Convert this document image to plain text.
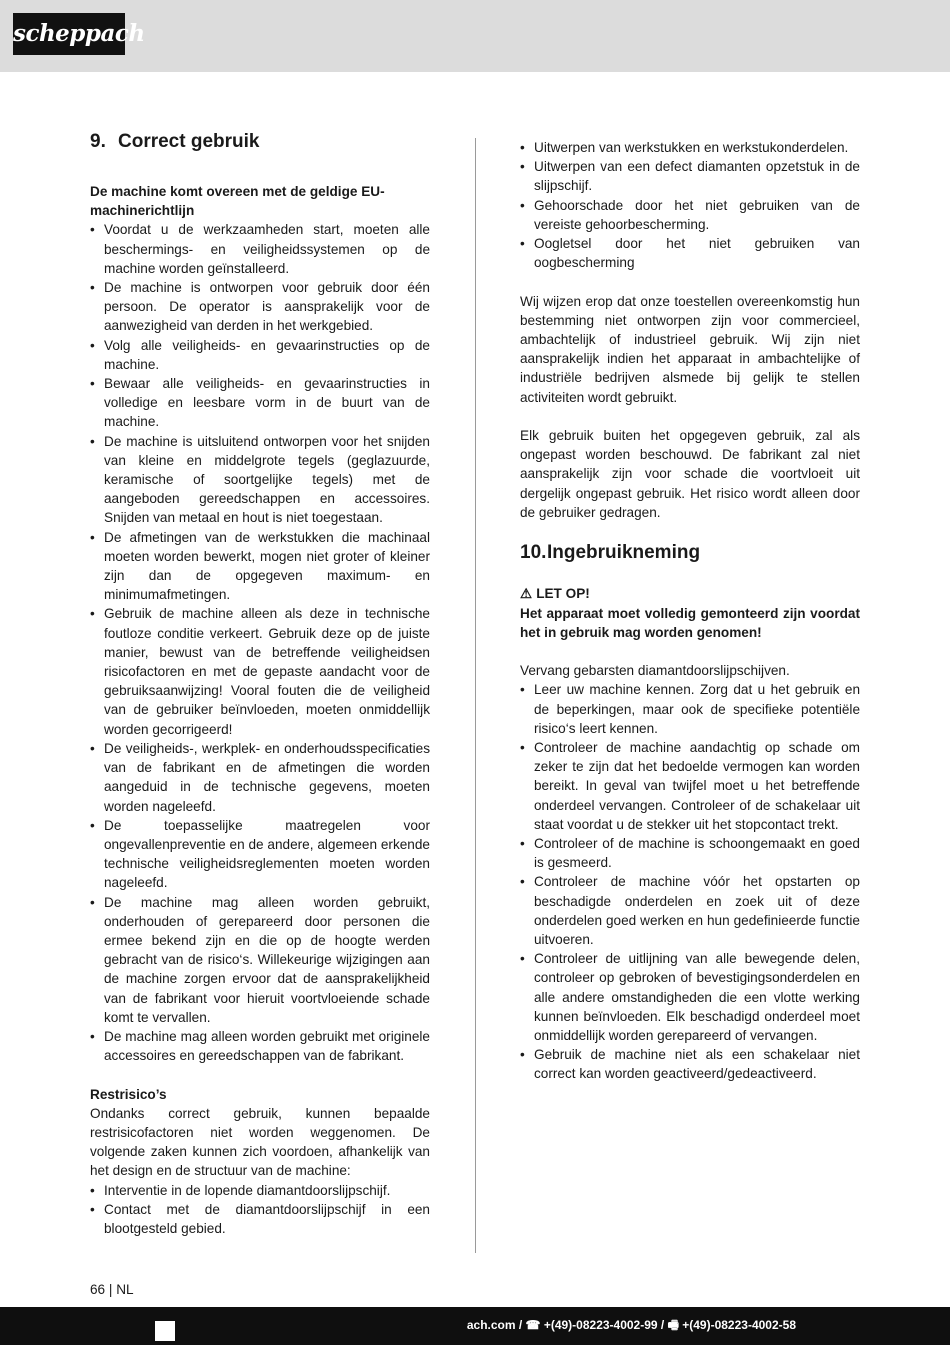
scheppach
9. Correct gebruik

De machine komt overeen met de geldige EU-machinerichtlijn

• Voordat u de werkzaamheden start, moeten alle beschermings- en veiligheidssystemen op de machine worden geïnstalleerd.
• De machine is ontworpen voor gebruik door één persoon. De operator is aansprakelijk voor de aanwezigheid van derden in het werkgebied.
• Volg alle veiligheids- en gevaarinstructies op de machine.
• Bewaar alle veiligheids- en gevaarinstructies in volledige en leesbare vorm in de buurt van de machine.
• De machine is uitsluitend ontworpen voor het snijden van kleine en middelgrote tegels (geglazuurde, keramische of soortgelijke tegels) met de aangeboden gereedschappen en accessoires. Snijden van metaal en hout is niet toegestaan.
• De afmetingen van de werkstukken die machinaal moeten worden bewerkt, mogen niet groter of kleiner zijn dan de opgegeven maximum- en minimumafmetingen.
• Gebruik de machine alleen als deze in technische foutloze conditie verkeert. Gebruik deze op de juiste manier, bewust van de betreffende veiligheidsen risicofactoren en met de gepaste aandacht voor de gebruiksaanwijzing! Vooral fouten die de veiligheid van de gebruiker beïnvloeden, moeten onmiddellijk worden gecorrigeerd!
• De veiligheids-, werkplek- en onderhoudsspecificaties van de fabrikant en de afmetingen die worden aangeduid in de technische gegevens, moeten worden nageleefd.
• De toepasselijke maatregelen voor ongevallenpreventie en de andere, algemeen erkende technische veiligheidsreglementen moeten worden nageleefd.
• De machine mag alleen worden gebruikt, onderhouden of gerepareerd door personen die ermee bekend zijn en die op de hoogte werden gebracht van de risico‘s. Willekeurige wijzigingen aan de machine zorgen ervoor dat de aansprakelijkheid van de fabrikant voor hieruit voortvloeiende schade komt te vervallen.
• De machine mag alleen worden gebruikt met originele accessoires en gereedschappen van de fabrikant.

Restrisico’s

Ondanks correct gebruik, kunnen bepaalde restrisicofactoren niet worden weggenomen. De volgende zaken kunnen zich voordoen, afhankelijk van het design en de structuur van de machine:

• Interventie in de lopende diamantdoorslijpschijf.
• Contact met de diamantdoorslijpschijf in een blootgesteld gebied.
• Uitwerpen van werkstukken en werkstukonderdelen.
• Uitwerpen van een defect diamanten opzetstuk in de slijpschijf.
• Gehoorschade door het niet gebruiken van de vereiste gehoorbescherming.
• Oogletsel door het niet gebruiken van oogbescherming

Wij wijzen erop dat onze toestellen overeenkomstig hun bestemming niet ontworpen zijn voor commercieel, ambachtelijk of industrieel gebruik. Wij zijn niet aansprakelijk indien het apparaat in ambachtelijke of industriële bedrijven alsmede bij gelijk te stellen activiteiten wordt gebruikt.

Elk gebruik buiten het opgegeven gebruik, zal als ongepast worden beschouwd. De fabrikant zal niet aansprakelijk zijn voor schade die voortvloeit uit dergelijk ongepast gebruik. Het risico wordt alleen door de gebruiker gedragen.

10. Ingebruikneming

⚠ LET OP!

Het apparaat moet volledig gemonteerd zijn voordat het in gebruik mag worden genomen!

Vervang gebarsten diamantdoorslijpschijven.

• Leer uw machine kennen. Zorg dat u het gebruik en de beperkingen, maar ook de specifieke potentiële risico‘s leert kennen.
• Controleer de machine aandachtig op schade om zeker te zijn dat het bedoelde vermogen kan worden bereikt. In geval van twijfel moet u het betreffende onderdeel vervangen. Controleer of de schakelaar uit staat voordat u de stekker uit het stopcontact trekt.
• Controleer of de machine is schoongemaakt en goed is gesmeerd.
• Controleer de machine vóór het opstarten op beschadigde onderdelen en zoek uit of deze onderdelen goed werken en hun gedefinieerde functie uitvoeren.
• Controleer de uitlijning van alle bewegende delen, controleer op gebroken of bevestigingsonderdelen en alle andere omstandigheden die een vlotte werking kunnen beïnvloeden. Elk beschadigd onderdeel moet onmiddellijk worden gerepareerd of vervangen.
• Gebruik de machine niet als een schakelaar niet correct kan worden geactiveerd/gedeactiveerd.
66 | NL
ach.com / ☎ +(49)-08223-4002-99 / 🖷 +(49)-08223-4002-58
